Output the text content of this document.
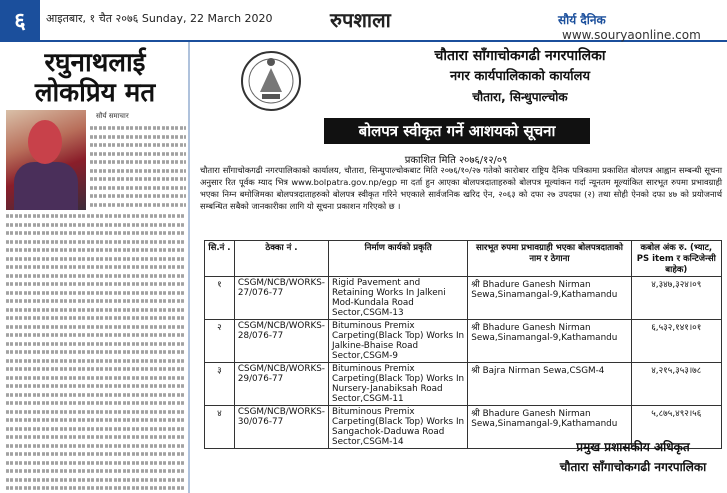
६	आइतबार, १ चैत २०७६ Sunday, 22 March 2020	रुपशाला	सौर्य दैनिक www.souryaonline.com
रघुनाथलाई लोकप्रिय मत
सौर्य समाचार
चौतारा साँगाचोकगढी नगरपालिका
नगर कार्यपालिकाको कार्यालय
चौतारा, सिन्धुपाल्चोक
बोलपत्र स्वीकृत गर्ने आशयको सूचना
प्रकाशित मिति २०७६/१२/०९
चौतारा साँगाचोकगढी नगरपालिकाको कार्यालय, चौतारा, सिन्धुपाल्चोकबाट मिति २०७६/१०/२७ गतेको कारोबार राष्ट्रिय दैनिक पत्रिकामा प्रकाशित बोलपत्र आह्वान सम्बन्धी सूचना अनुसार रित पूर्वक म्याद भित्र www.bolpatra.gov.np/egp मा दर्ता हुन आएका बोलपत्रदाताहरुको बोलपत्र मूल्यांकन गर्दा न्यूनतम मूल्यांकित सारभूत रुपमा प्रभावग्राही भएका निम्न बमोजिमका बोलपत्रदाताहरुको बोलपत्र स्वीकृत गरिने भएकाले सार्वजनिक खरिद ऐन, २०६३ को दफा २७ उपदफा (२) तथा सोही ऐनको दफा ४७ को प्रयोजनार्थ सम्बन्धित सबैको जानकारीका लागि यो सूचना प्रकाशन गरिएको छ ।
सि.नं .	ठेक्का नं .	निर्माण कार्यको प्रकृति	सारभूत रुपमा प्रभावग्राही भएका बोलपत्रदाताको नाम र ठेगाना	कबोल अंक रु. (भ्याट, PS item र कन्टिजेन्सी बाहेक)
१	CSGM/NCB/WORKS-27/076-77	Rigid Pavement and Retaining Works In Jalkeni Mod-Kundala Road Sector,CSGM-13	श्री Bhadure Ganesh Nirman Sewa,Sinamangal-9,Kathamandu	४,३४७,३२४।०९
२	CSGM/NCB/WORKS-28/076-77	Bituminous Premix Carpeting(Black Top) Works In Jalkine-Bhaise Road Sector,CSGM-9	श्री Bhadure Ganesh Nirman Sewa,Sinamangal-9,Kathamandu	६,५३२,१४१।०१
३	CSGM/NCB/WORKS-29/076-77	Bituminous Premix Carpeting(Black Top) Works In Nursery-Janabiksah Road Sector,CSGM-11	श्री Bajra Nirman Sewa,CSGM-4	४,२१५,३५३।७८
४	CSGM/NCB/WORKS-30/076-77	Bituminous Premix Carpeting(Black Top) Works In Sangachok-Daduwa Road Sector,CSGM-14	श्री Bhadure Ganesh Nirman Sewa,Sinamangal-9,Kathamandu	५,८७५,४९२।५६
प्रमुख प्रशासकीय अधिकृत
चौतारा साँगाचोकगढी नगरपालिका
